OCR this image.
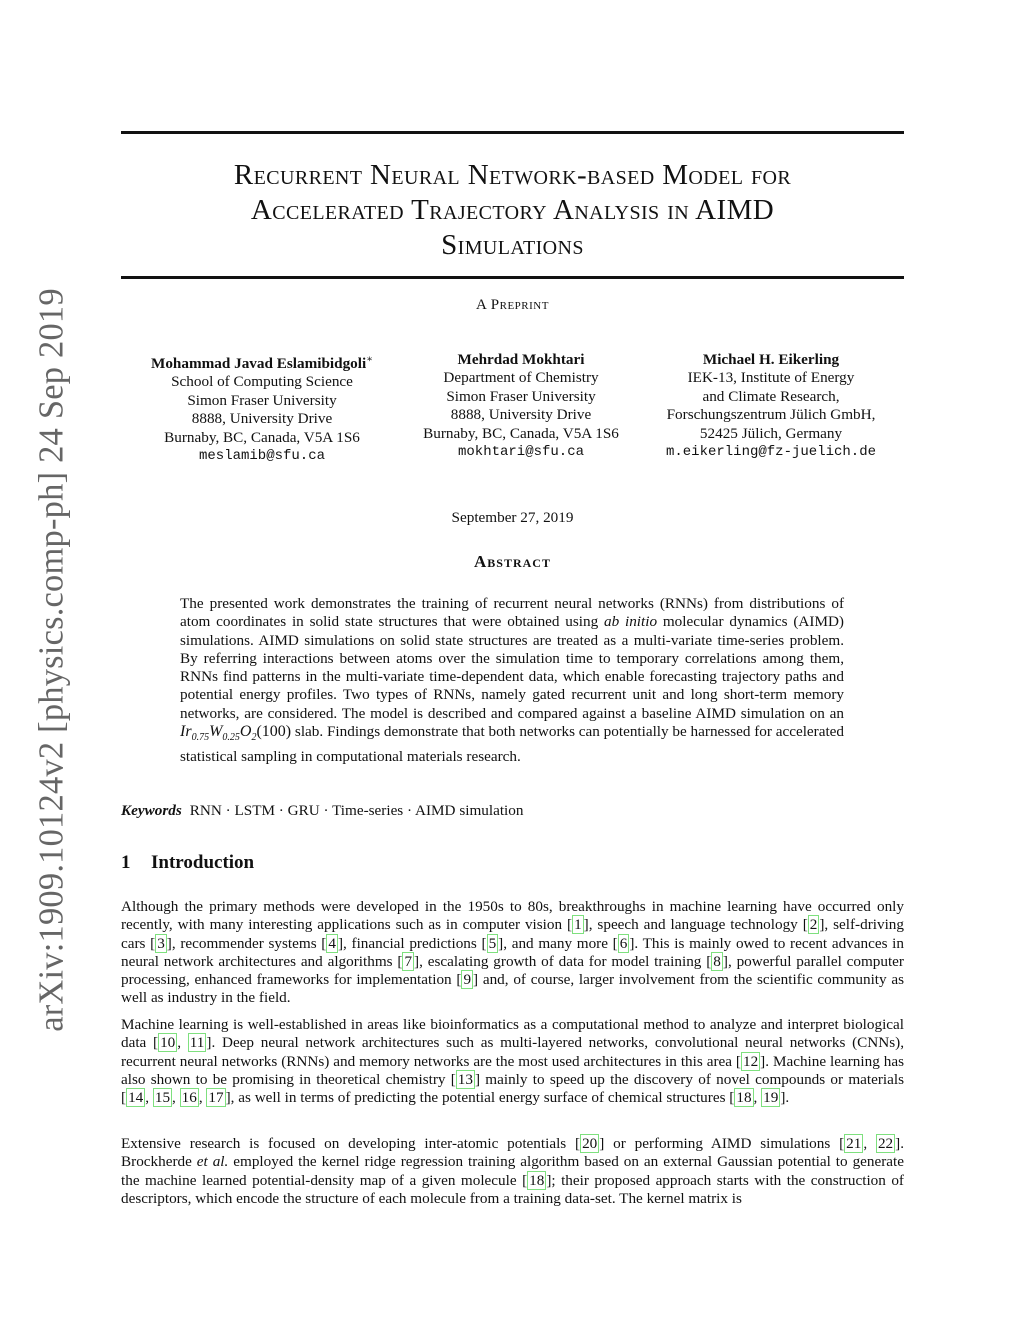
arXiv:1909.10124v2 [physics.comp-ph] 24 Sep 2019
Recurrent Neural Network-based Model for
Accelerated Trajectory Analysis in AIMD
Simulations
A Preprint
Mohammad Javad Eslamibidgoli∗
School of Computing Science
Simon Fraser University
8888, University Drive
Burnaby, BC, Canada, V5A 1S6
meslamib@sfu.ca
Mehrdad Mokhtari
Department of Chemistry
Simon Fraser University
8888, University Drive
Burnaby, BC, Canada, V5A 1S6
mokhtari@sfu.ca
Michael H. Eikerling
IEK-13, Institute of Energy
and Climate Research,
Forschungszentrum Jülich GmbH,
52425 Jülich, Germany
m.eikerling@fz-juelich.de
September 27, 2019
Abstract
The presented work demonstrates the training of recurrent neural networks (RNNs) from distributions of atom coordinates in solid state structures that were obtained using ab initio molecular dynamics (AIMD) simulations. AIMD simulations on solid state structures are treated as a multi-variate time-series problem. By referring interactions between atoms over the simulation time to temporary correlations among them, RNNs find patterns in the multi-variate time-dependent data, which enable forecasting trajectory paths and potential energy profiles. Two types of RNNs, namely gated recurrent unit and long short-term memory networks, are considered. The model is described and compared against a baseline AIMD simulation on an $Ir_{0.75}W_{0.25}O_2(100)$ slab. Findings demonstrate that both networks can potentially be harnessed for accelerated statistical sampling in computational materials research.
Keywords RNN · LSTM · GRU · Time-series · AIMD simulation
1 Introduction
Although the primary methods were developed in the 1950s to 80s, breakthroughs in machine learning have occurred only recently, with many interesting applications such as in computer vision [ 1 ], speech and language technology [ 2 ], self-driving cars [ 3 ], recommender systems [ 4 ], financial predictions [ 5 ], and many more [ 6 ]. This is mainly owed to recent advances in neural network architectures and algorithms [ 7 ], escalating growth of data for model training [ 8 ], powerful parallel computer processing, enhanced frameworks for implementation [ 9 ] and, of course, larger involvement from the scientific community as well as industry in the field.
Machine learning is well-established in areas like bioinformatics as a computational method to analyze and interpret biological data [ 10 , 11 ]. Deep neural network architectures such as multi-layered networks, convolutional neural networks (CNNs), recurrent neural networks (RNNs) and memory networks are the most used architectures in this area [ 12 ]. Machine learning has also shown to be promising in theoretical chemistry [ 13 ] mainly to speed up the discovery of novel compounds or materials [ 14 , 15 , 16 , 17 ], as well in terms of predicting the potential energy surface of chemical structures [ 18 , 19 ].
Extensive research is focused on developing inter-atomic potentials [ 20 ] or performing AIMD simulations [ 21 , 22 ]. Brockherde et al. employed the kernel ridge regression training algorithm based on an external Gaussian potential to generate the machine learned potential-density map of a given molecule [ 18 ]; their proposed approach starts with the construction of descriptors, which encode the structure of each molecule from a training data-set. The kernel matrix is
